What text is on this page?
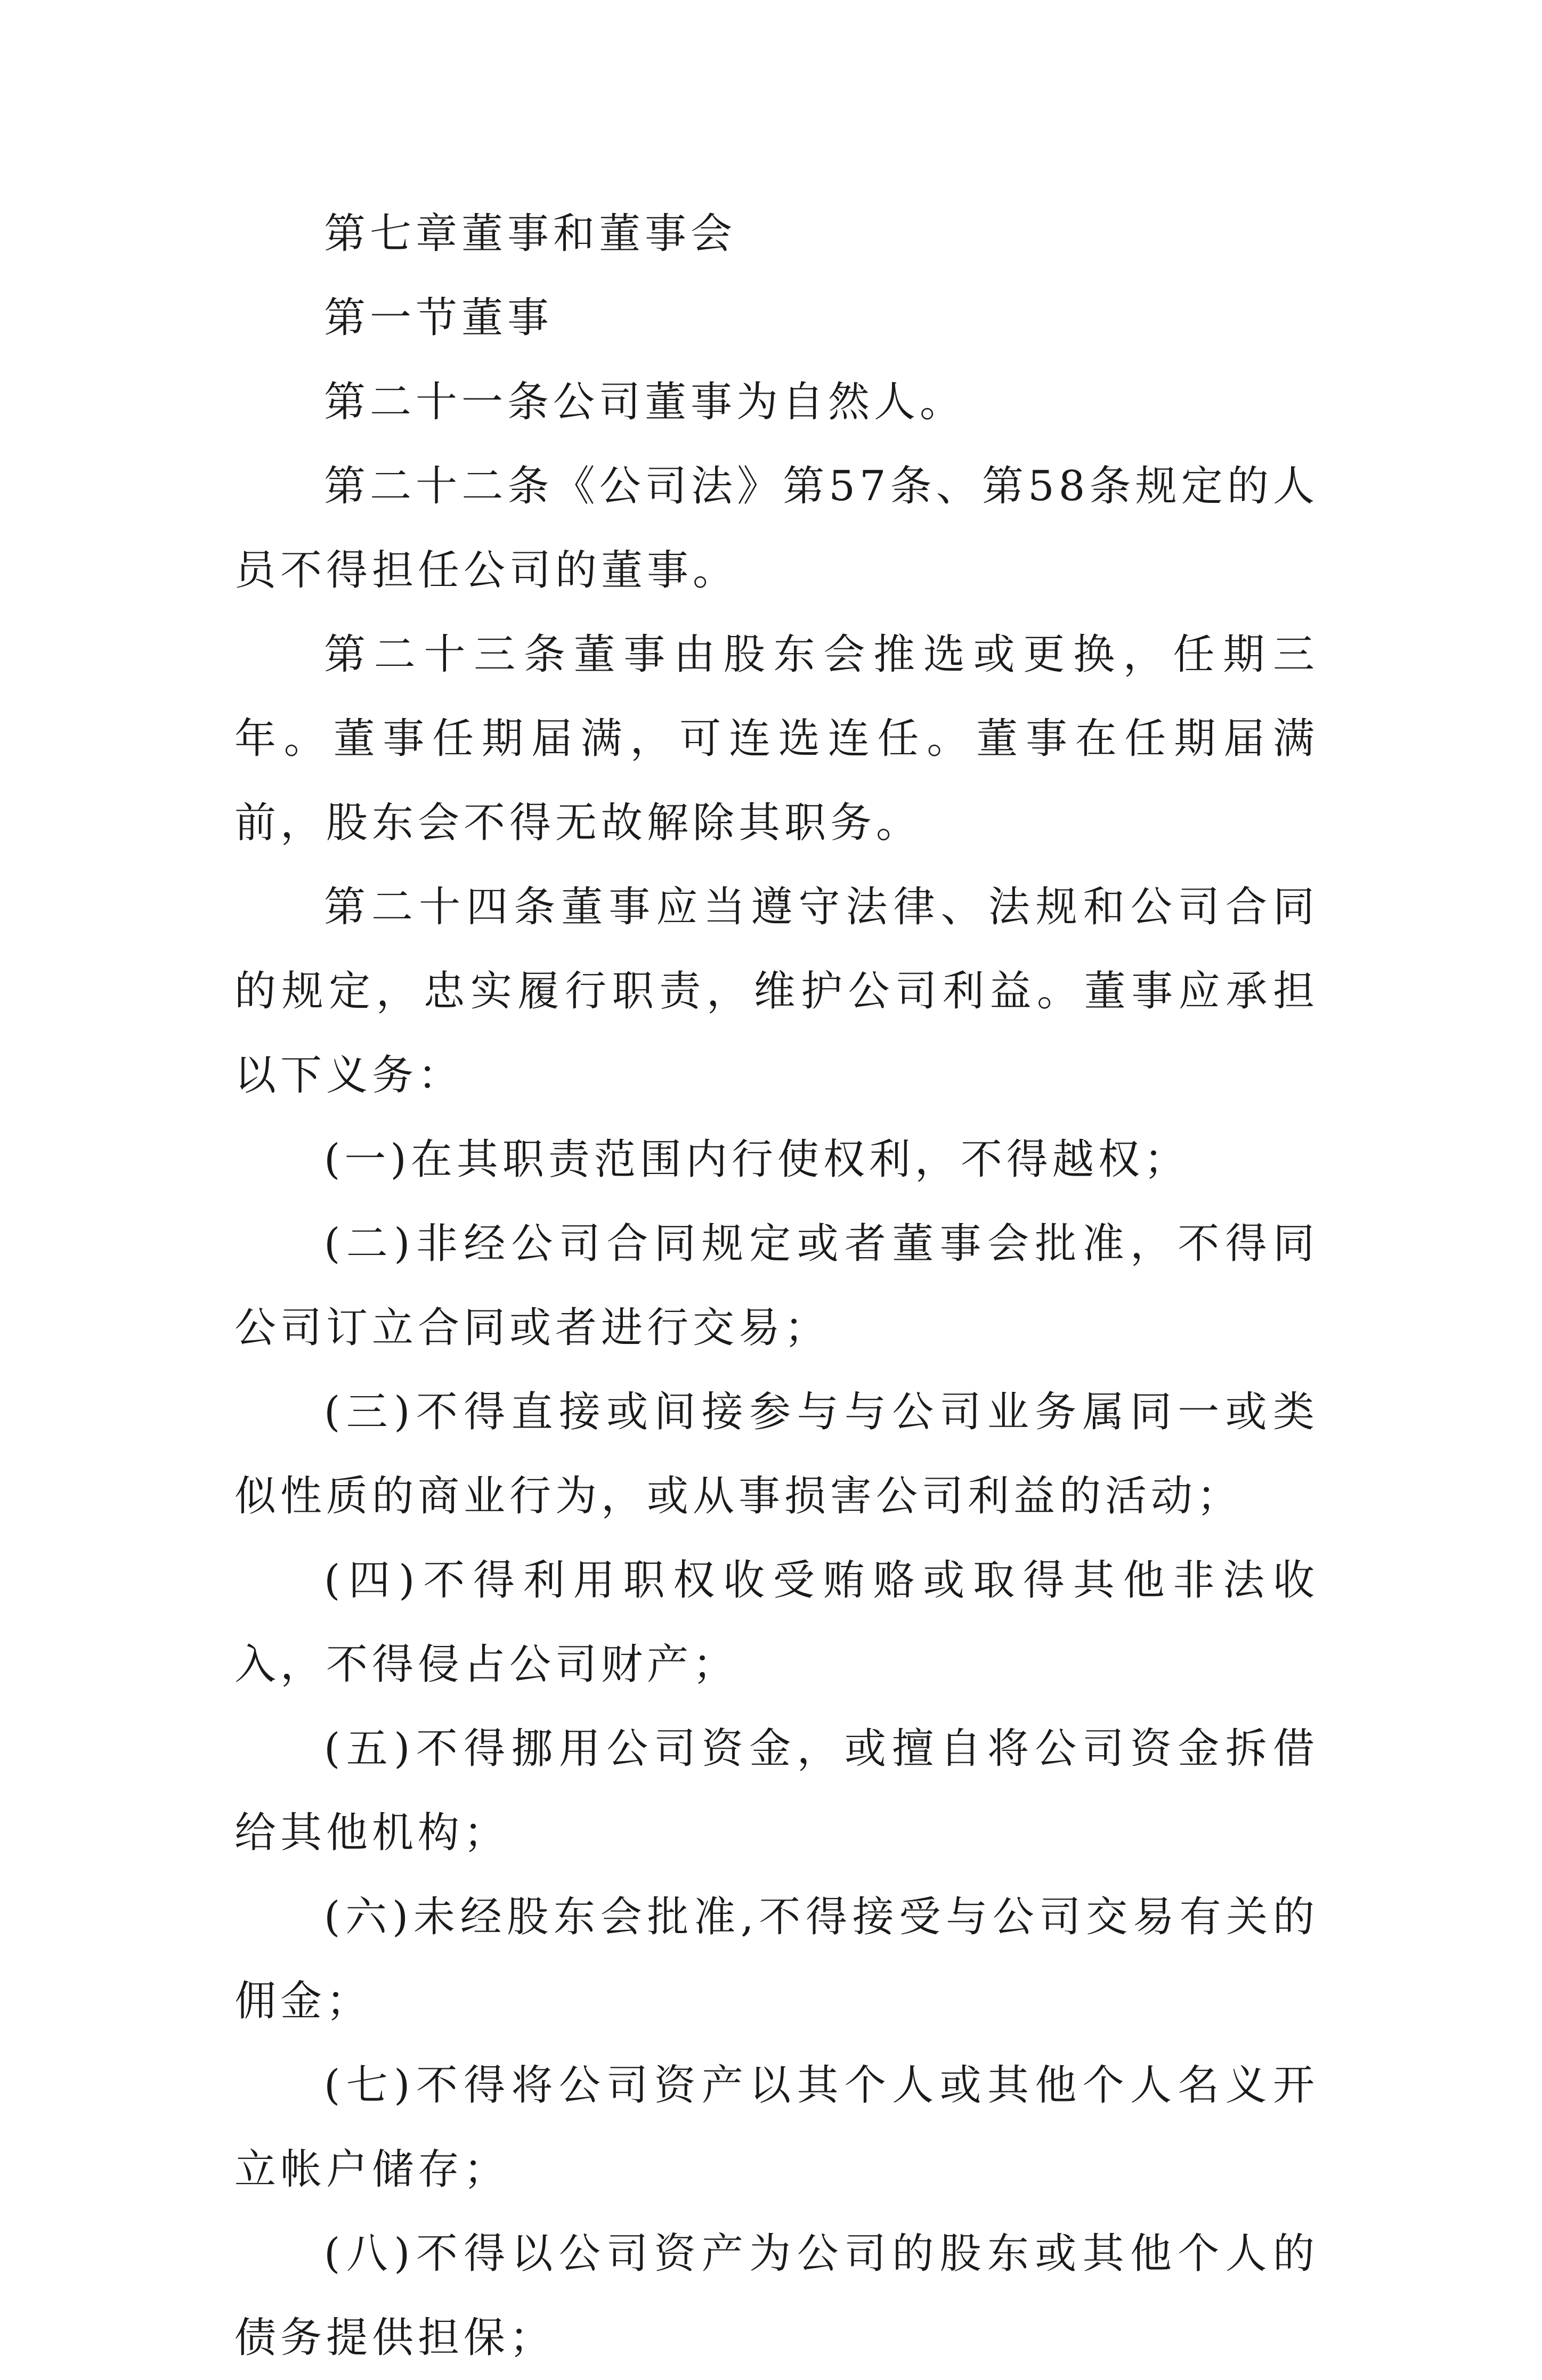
第七章董事和董事会

第一节董事

第二十一条公司董事为自然人。

第二十二条《公司法》第57条、第58条规定的人员不得担任公司的董事。

第二十三条董事由股东会推选或更换，任期三年。董事任期届满，可连选连任。董事在任期届满前，股东会不得无故解除其职务。

第二十四条董事应当遵守法律、法规和公司合同的规定，忠实履行职责，维护公司利益。董事应承担以下义务：

(一)在其职责范围内行使权利，不得越权；

(二)非经公司合同规定或者董事会批准，不得同公司订立合同或者进行交易；

(三)不得直接或间接参与与公司业务属同一或类似性质的商业行为，或从事损害公司利益的活动；

(四)不得利用职权收受贿赂或取得其他非法收入，不得侵占公司财产；

(五)不得挪用公司资金，或擅自将公司资金拆借给其他机构；

(六)未经股东会批准,不得接受与公司交易有关的佣金；

(七)不得将公司资产以其个人或其他个人名义开立帐户储存；

(八)不得以公司资产为公司的股东或其他个人的债务提供担保；
